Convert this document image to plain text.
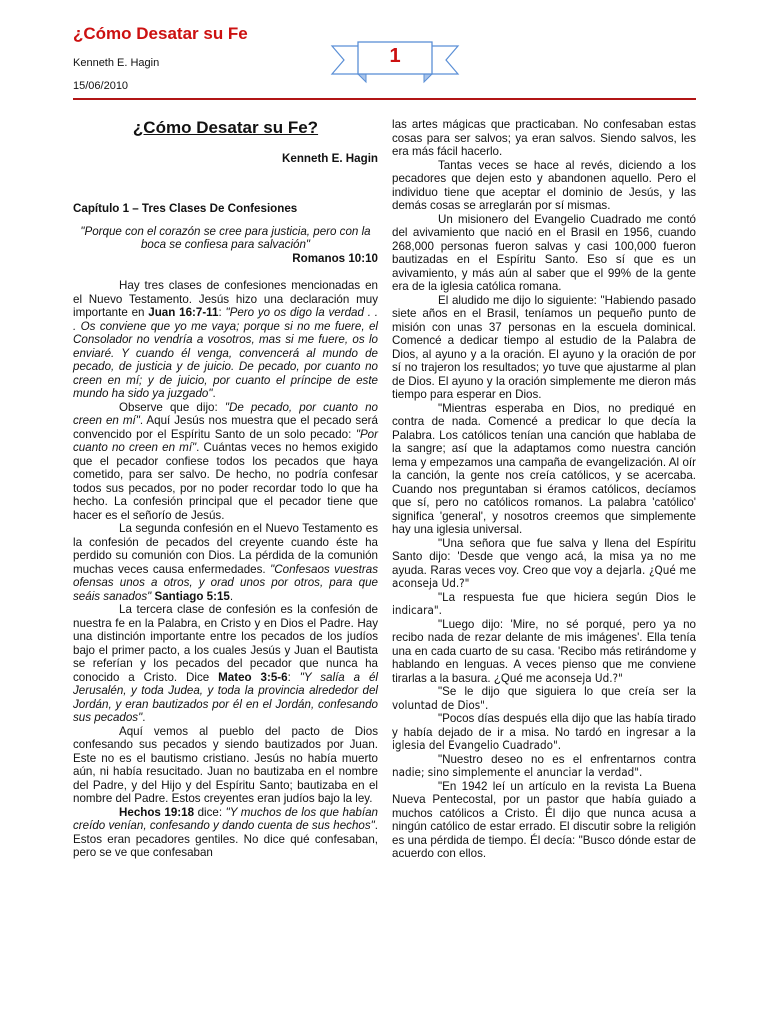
¿Cómo Desatar su Fe
Kenneth E. Hagin
15/06/2010
1
¿Cómo Desatar su Fe?
Kenneth E. Hagin
Capítulo 1 – Tres Clases De Confesiones
"Porque con el corazón se cree para justicia, pero con la boca se confiesa para salvación"
Romanos 10:10

Hay tres clases de confesiones mencionadas en el Nuevo Testamento. Jesús hizo una declaración muy importante en Juan 16:7-11: "Pero yo os digo la verdad . . . Os conviene que yo me vaya; porque si no me fuere, el Consolador no vendría a vosotros, mas si me fuere, os lo enviaré. Y cuando él venga, convencerá al mundo de pecado, de justicia y de juicio. De pecado, por cuanto no creen en mí; y de juicio, por cuanto el príncipe de este mundo ha sido ya juzgado".

Observe que dijo: "De pecado, por cuanto no creen en mí". Aquí Jesús nos muestra que el pecado será convencido por el Espíritu Santo de un solo pecado: "Por cuanto no creen en mí". Cuántas veces no hemos exigido que el pecador confiese todos los pecados que haya cometido, para ser salvo. De hecho, no podría confesar todos sus pecados, por no poder recordar todo lo que ha hecho. La confesión principal que el pecador tiene que hacer es el señorío de Jesús.

La segunda confesión en el Nuevo Testamento es la confesión de pecados del creyente cuando éste ha perdido su comunión con Dios. La pérdida de la comunión muchas veces causa enfermedades. "Confesaos vuestras ofensas unos a otros, y orad unos por otros, para que seáis sanados" Santiago 5:15.

La tercera clase de confesión es la confesión de nuestra fe en la Palabra, en Cristo y en Dios el Padre. Hay una distinción importante entre los pecados de los judíos bajo el primer pacto, a los cuales Jesús y Juan el Bautista se referían y los pecados del pecador que nunca ha conocido a Cristo. Dice Mateo 3:5-6: "Y salía a él Jerusalén, y toda Judea, y toda la provincia alrededor del Jordán, y eran bautizados por él en el Jordán, confesando sus pecados".

Aquí vemos al pueblo del pacto de Dios confesando sus pecados y siendo bautizados por Juan. Este no es el bautismo cristiano. Jesús no había muerto aún, ni había resucitado. Juan no bautizaba en el nombre del Padre, y del Hijo y del Espíritu Santo; bautizaba en el nombre del Padre. Estos creyentes eran judíos bajo la ley.

Hechos 19:18 dice: "Y muchos de los que habían creído venían, confesando y dando cuenta de sus hechos". Estos eran pecadores gentiles. No dice qué confesaban, pero se ve que confesaban

las artes mágicas que practicaban. No confesaban estas cosas para ser salvos; ya eran salvos. Siendo salvos, les era más fácil hacerlo.

Tantas veces se hace al revés, diciendo a los pecadores que dejen esto y abandonen aquello. Pero el individuo tiene que aceptar el dominio de Jesús, y las demás cosas se arreglarán por sí mismas.

Un misionero del Evangelio Cuadrado me contó del avivamiento que nació en el Brasil en 1956, cuando 268,000 personas fueron salvas y casi 100,000 fueron bautizadas en el Espíritu Santo. Eso sí que es un avivamiento, y más aún al saber que el 99% de la gente era de la iglesia católica romana.

El aludido me dijo lo siguiente: "Habiendo pasado siete años en el Brasil, teníamos un pequeño punto de misión con unas 37 personas en la escuela dominical. Comencé a dedicar tiempo al estudio de la Palabra de Dios, al ayuno y a la oración. El ayuno y la oración de por sí no trajeron los resultados; yo tuve que ajustarme al plan de Dios. El ayuno y la oración simplemente me dieron más tiempo para esperar en Dios.

"Mientras esperaba en Dios, no prediqué en contra de nada. Comencé a predicar lo que decía la Palabra. Los católicos tenían una canción que hablaba de la sangre; así que la adaptamos como nuestra canción lema y empezamos una campaña de evangelización. Al oír la canción, la gente nos creía católicos, y se acercaba. Cuando nos preguntaban si éramos católicos, decíamos que sí, pero no católicos romanos. La palabra 'católico' significa 'general', y nosotros creemos que simplemente hay una iglesia universal.

"Una señora que fue salva y llena del Espíritu Santo dijo: 'Desde que vengo acá, la misa ya no me ayuda. Raras veces voy. Creo que voy a dejarla. ¿Qué me aconseja Ud.?"

"La respuesta fue que hiciera según Dios le indicara".

"Luego dijo: 'Mire, no sé porqué, pero ya no recibo nada de rezar delante de mis imágenes'. Ella tenía una en cada cuarto de su casa. 'Recibo más retirándome y hablando en lenguas. A veces pienso que me conviene tirarlas a la basura. ¿Qué me aconseja Ud.?"

"Se le dijo que siguiera lo que creía ser la voluntad de Dios".

"Pocos días después ella dijo que las había tirado y había dejado de ir a misa. No tardó en ingresar a la iglesia del Evangelio Cuadrado".

"Nuestro deseo no es el enfrentarnos contra nadie; sino simplemente el anunciar la verdad".

"En 1942 leí un artículo en la revista La Buena Nueva Pentecostal, por un pastor que había guiado a muchos católicos a Cristo. Él dijo que nunca acusa a ningún católico de estar errado. El discutir sobre la religión es una pérdida de tiempo. Él decía: "Busco dónde estar de acuerdo con ellos.
